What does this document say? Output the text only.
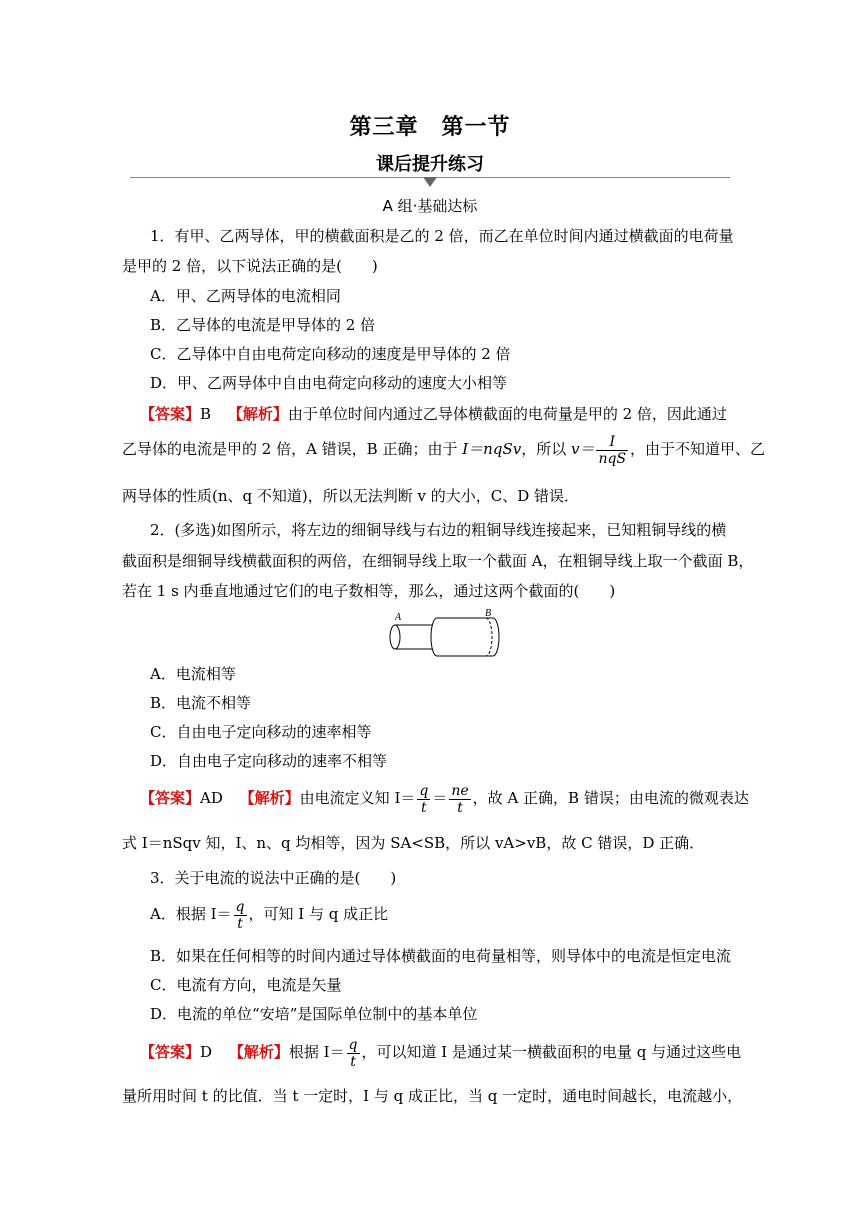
第三章　第一节
课后提升练习
A 组·基础达标
1．有甲、乙两导体，甲的横截面积是乙的 2 倍，而乙在单位时间内通过横截面的电荷量
是甲的 2 倍，以下说法正确的是(　　)
A．甲、乙两导体的电流相同
B．乙导体的电流是甲导体的 2 倍
C．乙导体中自由电荷定向移动的速度是甲导体的 2 倍
D．甲、乙两导体中自由电荷定向移动的速度大小相等
【答案】B 【解析】由于单位时间内通过乙导体横截面的电荷量是甲的 2 倍，因此通过
乙导体的电流是甲的 2 倍，A 错误，B 正确；由于 I＝nqSv，所以 $v= \frac{I}{\text{nqS}}$ ，由于不知道甲、乙
两导体的性质(n、q 不知道)，所以无法判断 v 的大小，C、D 错误．
2．(多选)如图所示，将左边的细铜导线与右边的粗铜导线连接起来，已知粗铜导线的横
截面积是细铜导线横截面积的两倍，在细铜导线上取一个截面 A，在粗铜导线上取一个截面 B，
若在 1 s 内垂直地通过它们的电子数相等，那么，通过这两个截面的(　　)
A	B
A．电流相等
B．电流不相等
C．自由电子定向移动的速率相等
D．自由电子定向移动的速率不相等
【答案】AD 【解析】由电流定义知 $I= \frac{q}{t} = \frac{ne}{t}$ ，故 A 正确，B 错误；由电流的微观表达
式 I＝nSqv 知，I、n、q 均相等，因为 SA<SB，所以 vA>vB，故 C 错误，D 正确．
3．关于电流的说法中正确的是(　　)
A．根据 $I= \frac{q}{t}$ ，可知 I 与 q 成正比
B．如果在任何相等的时间内通过导体横截面的电荷量相等，则导体中的电流是恒定电流
C．电流有方向，电流是矢量
D．电流的单位“安培”是国际单位制中的基本单位
【答案】D 【解析】根据 $I= \frac{q}{t}$ ，可以知道 I 是通过某一横截面积的电量 q 与通过这些电
量所用时间 t 的比值．当 t 一定时，I 与 q 成正比，当 q 一定时，通电时间越长，电流越小，
